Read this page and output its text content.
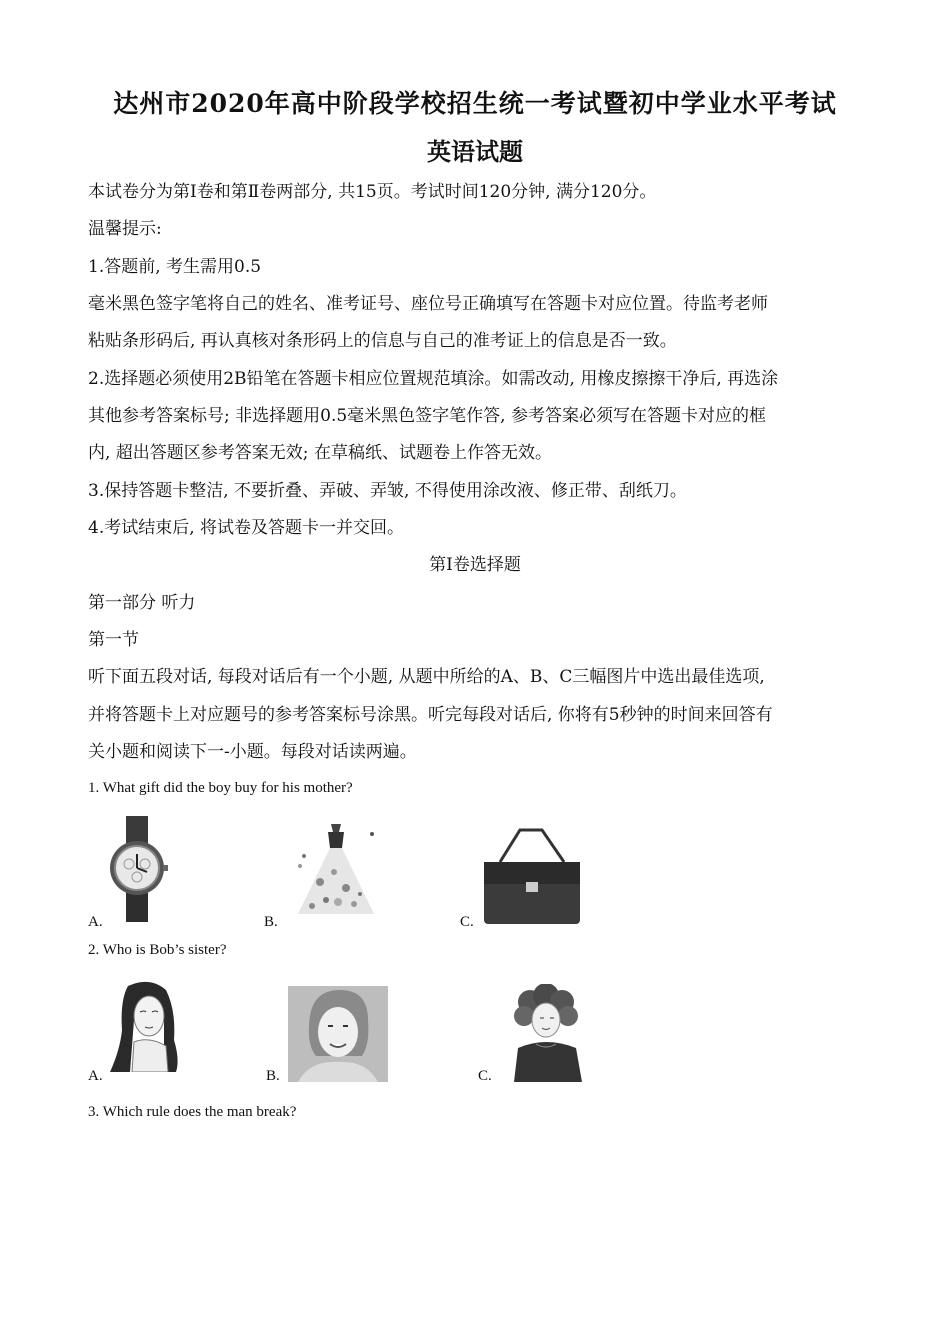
达州市2020年高中阶段学校招生统一考试暨初中学业水平考试
英语试题
本试卷分为第Ⅰ卷和第Ⅱ卷两部分, 共15页。考试时间120分钟, 满分120分。
温馨提示:
1.答题前, 考生需用0.5
毫米黑色签字笔将自己的姓名、准考证号、座位号正确填写在答题卡对应位置。待监考老师
粘贴条形码后, 再认真核对条形码上的信息与自己的准考证上的信息是否一致。
2.选择题必须使用2B铅笔在答题卡相应位置规范填涂。如需改动, 用橡皮擦擦干净后, 再选涂
其他参考答案标号; 非选择题用0.5毫米黑色签字笔作答, 参考答案必须写在答题卡对应的框
内, 超出答题区参考答案无效; 在草稿纸、试题卷上作答无效。
3.保持答题卡整洁, 不要折叠、弄破、弄皱, 不得使用涂改液、修正带、刮纸刀。
4.考试结束后, 将试卷及答题卡一并交回。
第Ⅰ卷选择题
第一部分 听力
第一节
听下面五段对话, 每段对话后有一个小题, 从题中所给的A、B、C三幅图片中选出最佳选项,
并将答题卡上对应题号的参考答案标号涂黑。听完每段对话后, 你将有5秒钟的时间来回答有
关小题和阅读下一-小题。每段对话读两遍。
1. What gift did the boy buy for his mother?
A.	B.	C.
2. Who is Bob’s sister?
A.	B.	C.
3. Which rule does the man break?
